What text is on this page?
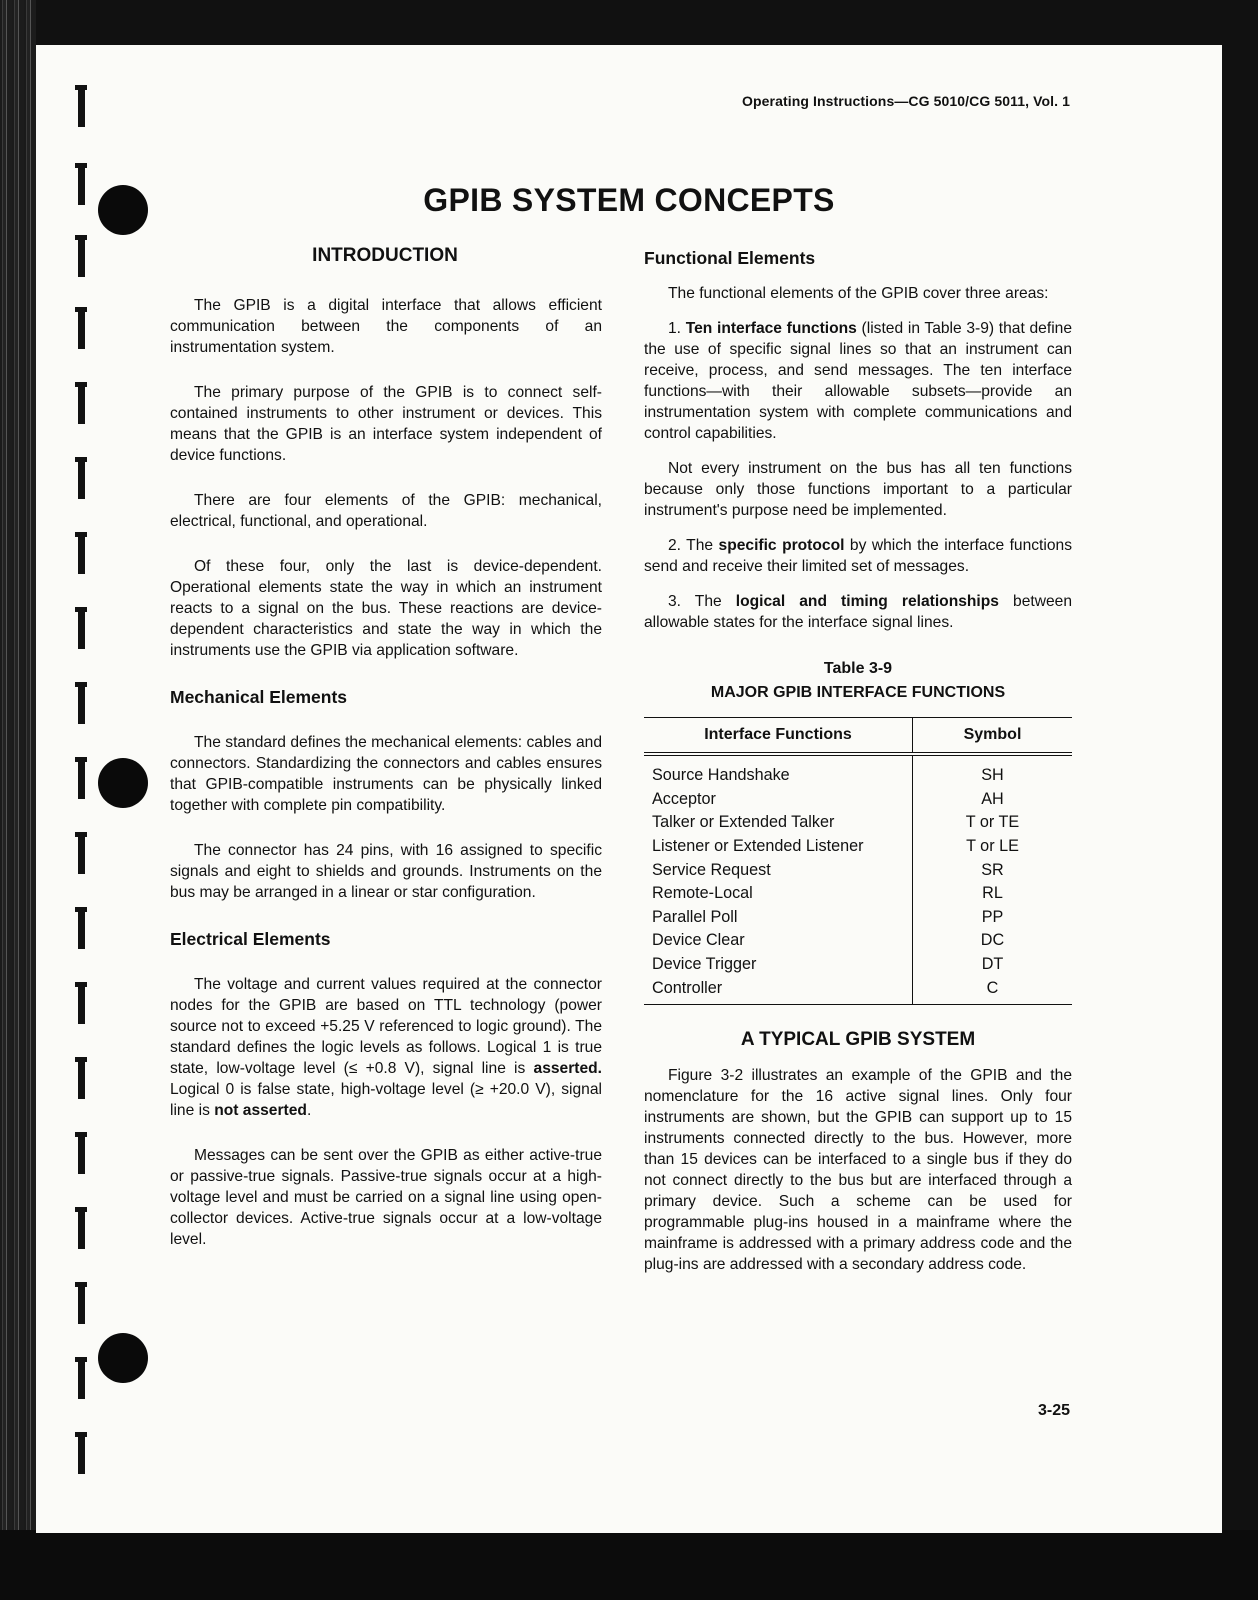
Operating Instructions—CG 5010/CG 5011, Vol. 1
GPIB SYSTEM CONCEPTS
INTRODUCTION
The GPIB is a digital interface that allows efficient communication between the components of an instrumentation system.
The primary purpose of the GPIB is to connect self-contained instruments to other instrument or devices. This means that the GPIB is an interface system independent of device functions.
There are four elements of the GPIB: mechanical, electrical, functional, and operational.
Of these four, only the last is device-dependent. Operational elements state the way in which an instrument reacts to a signal on the bus. These reactions are device-dependent characteristics and state the way in which the instruments use the GPIB via application software.
Mechanical Elements
The standard defines the mechanical elements: cables and connectors. Standardizing the connectors and cables ensures that GPIB-compatible instruments can be physically linked together with complete pin compatibility.
The connector has 24 pins, with 16 assigned to specific signals and eight to shields and grounds. Instruments on the bus may be arranged in a linear or star configuration.
Electrical Elements
The voltage and current values required at the connector nodes for the GPIB are based on TTL technology (power source not to exceed +5.25 V referenced to logic ground). The standard defines the logic levels as follows. Logical 1 is true state, low-voltage level (≤ +0.8 V), signal line is asserted. Logical 0 is false state, high-voltage level (≥ +20.0 V), signal line is not asserted.
Messages can be sent over the GPIB as either active-true or passive-true signals. Passive-true signals occur at a high-voltage level and must be carried on a signal line using open-collector devices. Active-true signals occur at a low-voltage level.
Functional Elements
The functional elements of the GPIB cover three areas:
1. Ten interface functions (listed in Table 3-9) that define the use of specific signal lines so that an instrument can receive, process, and send messages. The ten interface functions—with their allowable subsets—provide an instrumentation system with complete communications and control capabilities.
Not every instrument on the bus has all ten functions because only those functions important to a particular instrument's purpose need be implemented.
2. The specific protocol by which the interface functions send and receive their limited set of messages.
3. The logical and timing relationships between allowable states for the interface signal lines.
Table 3-9
MAJOR GPIB INTERFACE FUNCTIONS
Interface Functions	Symbol
Source Handshake	SH
Acceptor	AH
Talker or Extended Talker	T or TE
Listener or Extended Listener	T or LE
Service Request	SR
Remote-Local	RL
Parallel Poll	PP
Device Clear	DC
Device Trigger	DT
Controller	C
A TYPICAL GPIB SYSTEM
Figure 3-2 illustrates an example of the GPIB and the nomenclature for the 16 active signal lines. Only four instruments are shown, but the GPIB can support up to 15 instruments connected directly to the bus. However, more than 15 devices can be interfaced to a single bus if they do not connect directly to the bus but are interfaced through a primary device. Such a scheme can be used for programmable plug-ins housed in a mainframe where the mainframe is addressed with a primary address code and the plug-ins are addressed with a secondary address code.
3-25
